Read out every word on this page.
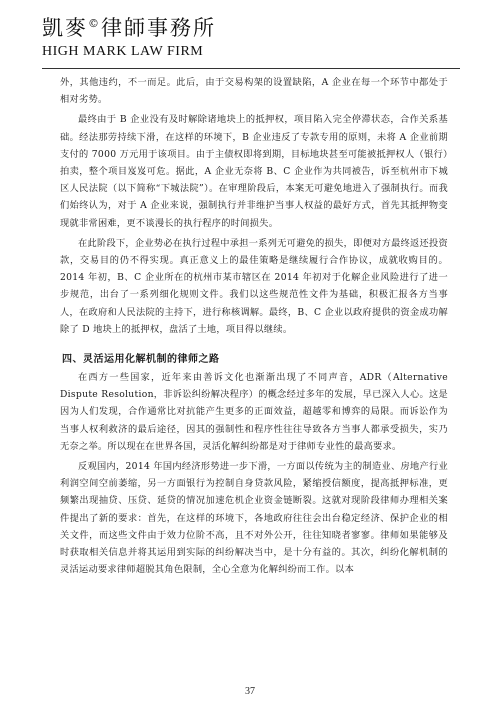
凱麥©律師事務所
HIGH MARK LAW FIRM

外，其他违约，不一而足。此后，由于交易构架的设置缺陷，A 企业在每一个环节中都处于相对劣势。

最终由于 B 企业没有及时解除诸地块上的抵押权，项目陷入完全停滞状态，合作关系基础。经法那劳持续下滑，在这样的环境下，B 企业违反了专款专用的原则，未将 A 企业前期支付的 7000 万元用于该项目。由于主债权即将到期，目标地块甚至可能被抵押权人（银行）拍卖，整个项目岌岌可危。据此，A 企业无奈将 B、C 企业作为共同被告，诉至杭州市下城区人民法院（以下简称“下城法院”）。在审理阶段后，本案无可避免地进入了强制执行。而我们始终认为，对于 A 企业来说，强制执行并非维护当事人权益的最好方式，首先其抵押物变现就非常困难，更不谈漫长的执行程序的时间损失。

在此阶段下，企业势必在执行过程中承担一系列无可避免的损失，即便对方最终返还投资款，交易目的仍不得实现。真正意义上的最佳策略是继续履行合作协议，成就收购目的。2014 年初，B、C 企业所在的杭州市某市辖区在 2014 年初对于化解企业风险进行了进一步规范，出台了一系列细化规则文件。我们以这些规范性文件为基础，积极汇报各方当事人，在政府和人民法院的主持下，进行称核调解。最终，B、C 企业以政府提供的资金成功解除了 D 地块上的抵押权，盘活了土地，项目得以继续。

四、灵活运用化解机制的律师之路

在西方一些国家，近年来由善诉文化也渐渐出现了不同声音，ADR（Alternative Dispute Resolution，非诉讼纠纷解决程序）的概念经过多年的发展，早已深入人心。这是因为人们发现，合作通常比对抗能产生更多的正面效益，超越零和博弈的局限。而诉讼作为当事人权利救济的最后途径，因其的强制性和程序性往往导致各方当事人都承受损失，实乃无奈之举。所以现在在世界各国，灵活化解纠纷都是对于律师专业性的最高要求。

反观国内，2014 年国内经济形势进一步下滑，一方面以传统为主的制造业、房地产行业利润空间空前萎缩，另一方面银行为控制自身贷款风险，紧缩授信额度，提高抵押标准，更频繁出现抽贷、压贷、延贷的情况加速危机企业资金链断裂。这就对现阶段律师办理相关案件提出了新的要求：首先，在这样的环境下，各地政府往往会出台稳定经济、保护企业的相关文件，而这些文件由于效力位阶不高，且不对外公开，往往知晓者寥寥。律师如果能够及时获取相关信息并将其运用到实际的纠纷解决当中，是十分有益的。其次，纠纷化解机制的灵活运动要求律师超脱其角色限制，全心全意为化解纠纷而工作。以本

37
